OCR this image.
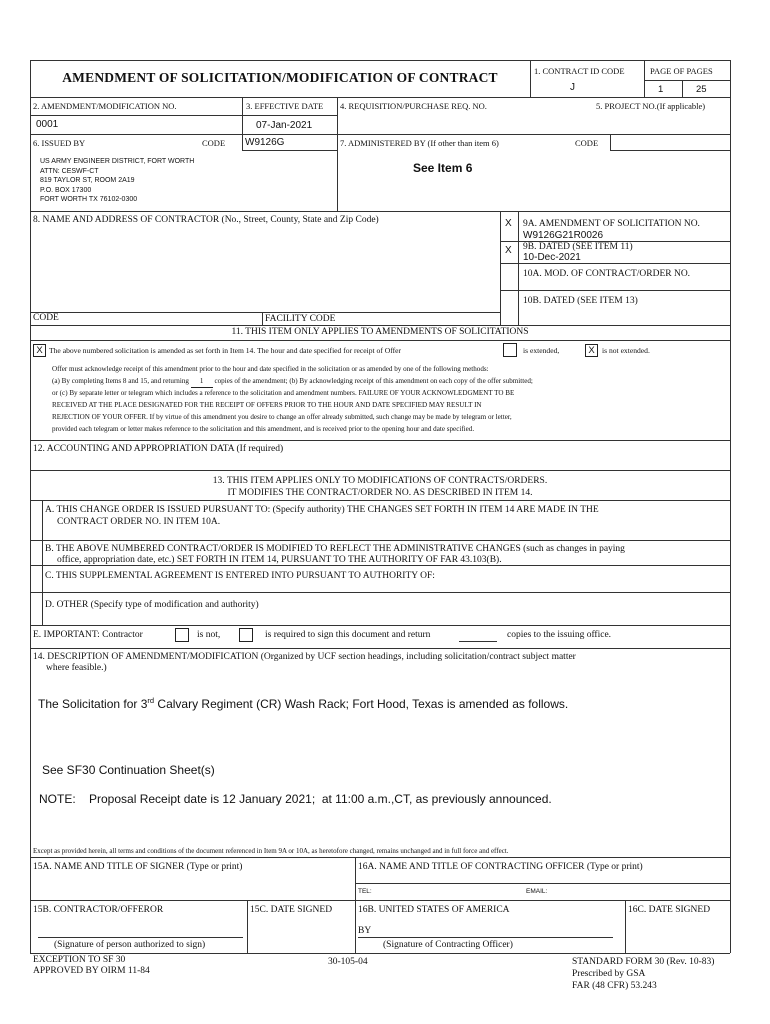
AMENDMENT OF SOLICITATION/MODIFICATION OF CONTRACT	1. CONTRACT ID CODE
J
PAGE OF PAGES
1	25
2. AMENDMENT/MODIFICATION NO.
0001
3. EFFECTIVE DATE
07-Jan-2021
4. REQUISITION/PURCHASE REQ. NO.	5. PROJECT NO.(If applicable)
6. ISSUED BY	CODE W9126G	7. ADMINISTERED BY (If other than item 6)	CODE
US ARMY ENGINEER DISTRICT, FORT WORTH
ATTN: CESWF-CT
819 TAYLOR ST, ROOM 2A19
P.O. BOX 17300
FORT WORTH TX 76102-0300
See Item 6
8. NAME AND ADDRESS OF CONTRACTOR (No., Street, County, State and Zip Code)	X 9A. AMENDMENT OF SOLICITATION NO.
W9126G21R0026
X 9B. DATED (SEE ITEM 11)
10-Dec-2021
10A. MOD. OF CONTRACT/ORDER NO.
10B. DATED (SEE ITEM 13)
CODE	FACILITY CODE
11. THIS ITEM ONLY APPLIES TO AMENDMENTS OF SOLICITATIONS
X The above numbered solicitation is amended as set forth in Item 14. The hour and date specified for receipt of Offer	is extended,	X is not extended.
Offer must acknowledge receipt of this amendment prior to the hour and date specified in the solicitation or as amended by one of the following methods:
(a) By completing Items 8 and 15, and returning 1 copies of the amendment; (b) By acknowledging receipt of this amendment on each copy of the offer submitted;
or (c) By separate letter or telegram which includes a reference to the solicitation and amendment numbers. FAILURE OF YOUR ACKNOWLEDGMENT TO BE
RECEIVED AT THE PLACE DESIGNATED FOR THE RECEIPT OF OFFERS PRIOR TO THE HOUR AND DATE SPECIFIED MAY RESULT IN
REJECTION OF YOUR OFFER. If by virtue of this amendment you desire to change an offer already submitted, such change may be made by telegram or letter,
provided each telegram or letter makes reference to the solicitation and this amendment, and is received prior to the opening hour and date specified.
12. ACCOUNTING AND APPROPRIATION DATA (If required)
13. THIS ITEM APPLIES ONLY TO MODIFICATIONS OF CONTRACTS/ORDERS.
IT MODIFIES THE CONTRACT/ORDER NO. AS DESCRIBED IN ITEM 14.
A. THIS CHANGE ORDER IS ISSUED PURSUANT TO: (Specify authority) THE CHANGES SET FORTH IN ITEM 14 ARE MADE IN THE
CONTRACT ORDER NO. IN ITEM 10A.
B. THE ABOVE NUMBERED CONTRACT/ORDER IS MODIFIED TO REFLECT THE ADMINISTRATIVE CHANGES (such as changes in paying
office, appropriation date, etc.) SET FORTH IN ITEM 14, PURSUANT TO THE AUTHORITY OF FAR 43.103(B).
C. THIS SUPPLEMENTAL AGREEMENT IS ENTERED INTO PURSUANT TO AUTHORITY OF:
D. OTHER (Specify type of modification and authority)
E. IMPORTANT: Contractor	is not,	is required to sign this document and return	copies to the issuing office.
14. DESCRIPTION OF AMENDMENT/MODIFICATION (Organized by UCF section headings, including solicitation/contract subject matter
where feasible.)
The Solicitation for 3rd Calvary Regiment (CR) Wash Rack; Fort Hood, Texas is amended as follows.
See SF30 Continuation Sheet(s)
NOTE:    Proposal Receipt date is 12 January 2021;  at 11:00 a.m.,CT, as previously announced.
Except as provided herein, all terms and conditions of the document referenced in Item 9A or 10A, as heretofore changed, remains unchanged and in full force and effect.
15A. NAME AND TITLE OF SIGNER (Type or print)	16A. NAME AND TITLE OF CONTRACTING OFFICER (Type or print)
TEL:	EMAIL:
15B. CONTRACTOR/OFFEROR	15C. DATE SIGNED	16B. UNITED STATES OF AMERICA	16C. DATE SIGNED
BY
(Signature of person authorized to sign)	(Signature of Contracting Officer)
EXCEPTION TO SF 30
APPROVED BY OIRM 11-84
30-105-04	STANDARD FORM 30 (Rev. 10-83)
Prescribed by GSA
FAR (48 CFR) 53.243
